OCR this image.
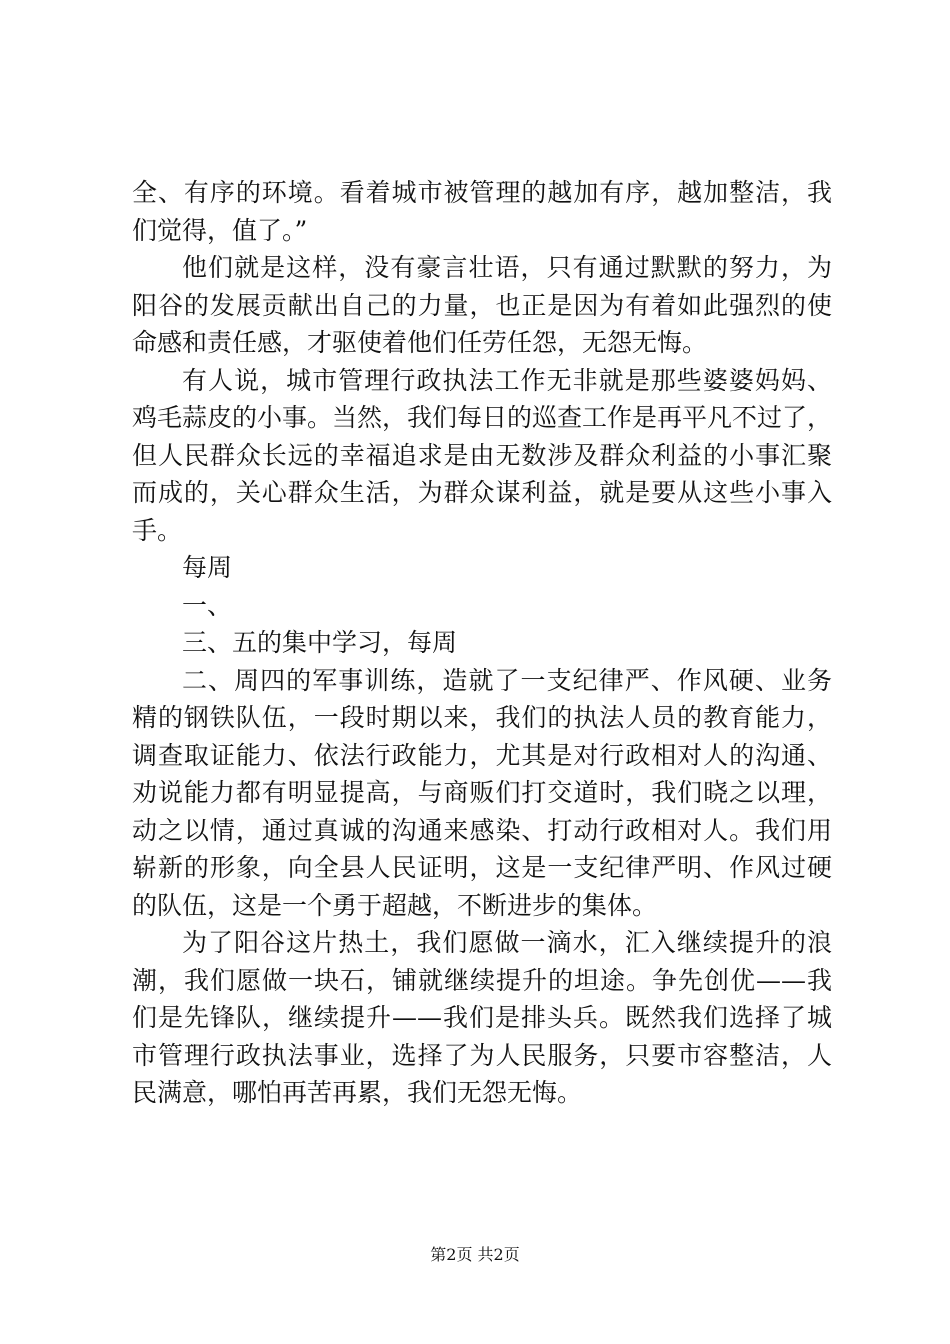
全、有序的环境。看着城市被管理的越加有序，越加整洁，我
们觉得，值了。”
他们就是这样，没有豪言壮语，只有通过默默的努力，为
阳谷的发展贡献出自己的力量，也正是因为有着如此强烈的使
命感和责任感，才驱使着他们任劳任怨，无怨无悔。
有人说，城市管理行政执法工作无非就是那些婆婆妈妈、
鸡毛蒜皮的小事。当然，我们每日的巡查工作是再平凡不过了，
但人民群众长远的幸福追求是由无数涉及群众利益的小事汇聚
而成的，关心群众生活，为群众谋利益，就是要从这些小事入
手。
每周
一、
三、五的集中学习，每周
二、周四的军事训练，造就了一支纪律严、作风硬、业务
精的钢铁队伍，一段时期以来，我们的执法人员的教育能力，
调查取证能力、依法行政能力，尤其是对行政相对人的沟通、
劝说能力都有明显提高，与商贩们打交道时，我们晓之以理，
动之以情，通过真诚的沟通来感染、打动行政相对人。我们用
崭新的形象，向全县人民证明，这是一支纪律严明、作风过硬
的队伍，这是一个勇于超越，不断进步的集体。
为了阳谷这片热土，我们愿做一滴水，汇入继续提升的浪
潮，我们愿做一块石，铺就继续提升的坦途。争先创优——我
们是先锋队，继续提升——我们是排头兵。既然我们选择了城
市管理行政执法事业，选择了为人民服务，只要市容整洁，人
民满意，哪怕再苦再累，我们无怨无悔。
第2页 共2页
